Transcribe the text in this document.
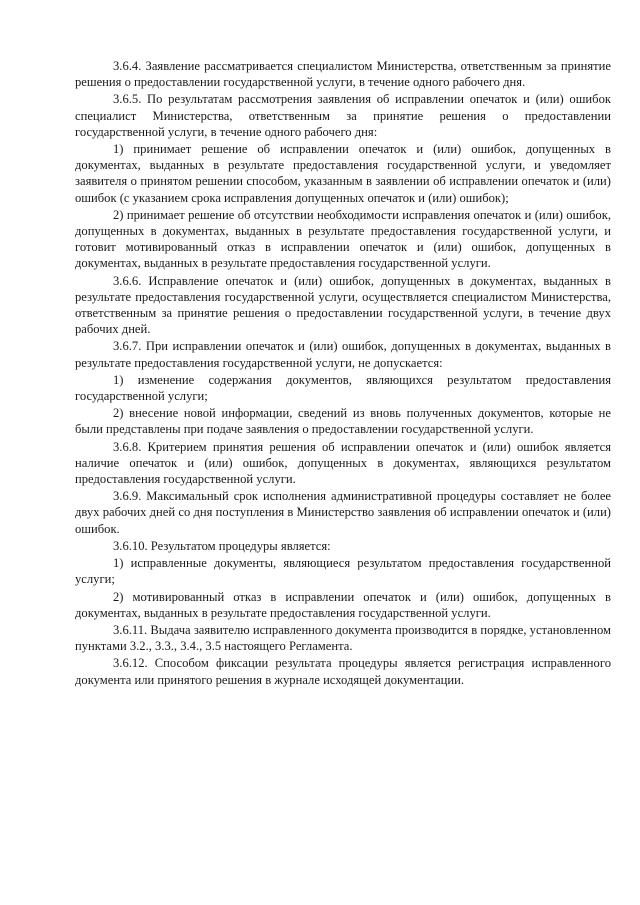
3.6.4. Заявление рассматривается специалистом Министерства, ответственным за принятие решения о предоставлении государственной услуги, в течение одного рабочего дня.

3.6.5. По результатам рассмотрения заявления об исправлении опечаток и (или) ошибок специалист Министерства, ответственным за принятие решения о предоставлении государственной услуги, в течение одного рабочего дня:

1) принимает решение об исправлении опечаток и (или) ошибок, допущенных в документах, выданных в результате предоставления государственной услуги, и уведомляет заявителя о принятом решении способом, указанным в заявлении об исправлении опечаток и (или) ошибок (с указанием срока исправления допущенных опечаток и (или) ошибок);

2) принимает решение об отсутствии необходимости исправления опечаток и (или) ошибок, допущенных в документах, выданных в результате предоставления государственной услуги, и готовит мотивированный отказ в исправлении опечаток и (или) ошибок, допущенных в документах, выданных в результате предоставления государственной услуги.

3.6.6. Исправление опечаток и (или) ошибок, допущенных в документах, выданных в результате предоставления государственной услуги, осуществляется специалистом Министерства, ответственным за принятие решения о предоставлении государственной услуги, в течение двух рабочих дней.

3.6.7. При исправлении опечаток и (или) ошибок, допущенных в документах, выданных в результате предоставления государственной услуги, не допускается:

1) изменение содержания документов, являющихся результатом предоставления государственной услуги;

2) внесение новой информации, сведений из вновь полученных документов, которые не были представлены при подаче заявления о предоставлении государственной услуги.

3.6.8. Критерием принятия решения об исправлении опечаток и (или) ошибок является наличие опечаток и (или) ошибок, допущенных в документах, являющихся результатом предоставления государственной услуги.

3.6.9. Максимальный срок исполнения административной процедуры составляет не более двух рабочих дней со дня поступления в Министерство заявления об исправлении опечаток и (или) ошибок.

3.6.10. Результатом процедуры является:

1) исправленные документы, являющиеся результатом предоставления государственной услуги;

2) мотивированный отказ в исправлении опечаток и (или) ошибок, допущенных в документах, выданных в результате предоставления государственной услуги.

3.6.11. Выдача заявителю исправленного документа производится в порядке, установленном пунктами 3.2., 3.3., 3.4., 3.5 настоящего Регламента.

3.6.12. Способом фиксации результата процедуры является регистрация исправленного документа или принятого решения в журнале исходящей документации.
